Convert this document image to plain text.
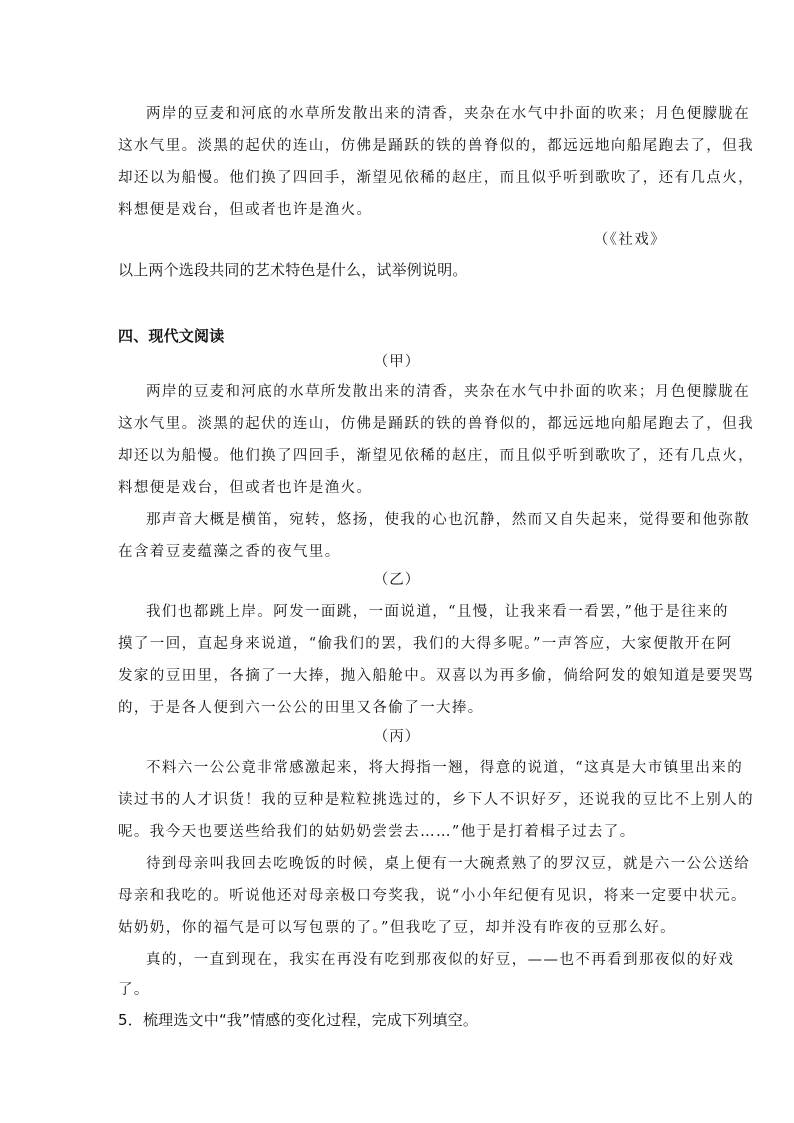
两岸的豆麦和河底的水草所发散出来的清香，夹杂在水气中扑面的吹来；月色便朦胧在
这水气里。淡黑的起伏的连山，仿佛是踊跃的铁的兽脊似的，都远远地向船尾跑去了，但我
却还以为船慢。他们换了四回手，渐望见依稀的赵庄，而且似乎听到歌吹了，还有几点火，
料想便是戏台，但或者也许是渔火。
（《社戏》
以上两个选段共同的艺术特色是什么，试举例说明。
四、现代文阅读
（甲）
两岸的豆麦和河底的水草所发散出来的清香，夹杂在水气中扑面的吹来；月色便朦胧在
这水气里。淡黑的起伏的连山，仿佛是踊跃的铁的兽脊似的，都远远地向船尾跑去了，但我
却还以为船慢。他们换了四回手，渐望见依稀的赵庄，而且似乎听到歌吹了，还有几点火，
料想便是戏台，但或者也许是渔火。
那声音大概是横笛，宛转，悠扬，使我的心也沉静，然而又自失起来，觉得要和他弥散
在含着豆麦蕴藻之香的夜气里。
（乙）
我们也都跳上岸。阿发一面跳，一面说道，“且慢，让我来看一看罢，”他于是往来的
摸了一回，直起身来说道，“偷我们的罢，我们的大得多呢。”一声答应，大家便散开在阿
发家的豆田里，各摘了一大捧，抛入船舱中。双喜以为再多偷，倘给阿发的娘知道是要哭骂
的，于是各人便到六一公公的田里又各偷了一大捧。
（丙）
不料六一公公竟非常感激起来，将大拇指一翘，得意的说道，“这真是大市镇里出来的
读过书的人才识货！我的豆种是粒粒挑选过的，乡下人不识好歹，还说我的豆比不上别人的
呢。我今天也要送些给我们的姑奶奶尝尝去……”他于是打着楫子过去了。
待到母亲叫我回去吃晚饭的时候，桌上便有一大碗煮熟了的罗汉豆，就是六一公公送给
母亲和我吃的。听说他还对母亲极口夸奖我，说“小小年纪便有见识，将来一定要中状元。
姑奶奶，你的福气是可以写包票的了。”但我吃了豆，却并没有昨夜的豆那么好。
真的，一直到现在，我实在再没有吃到那夜似的好豆，——也不再看到那夜似的好戏
了。
5．梳理选文中“我”情感的变化过程，完成下列填空。
